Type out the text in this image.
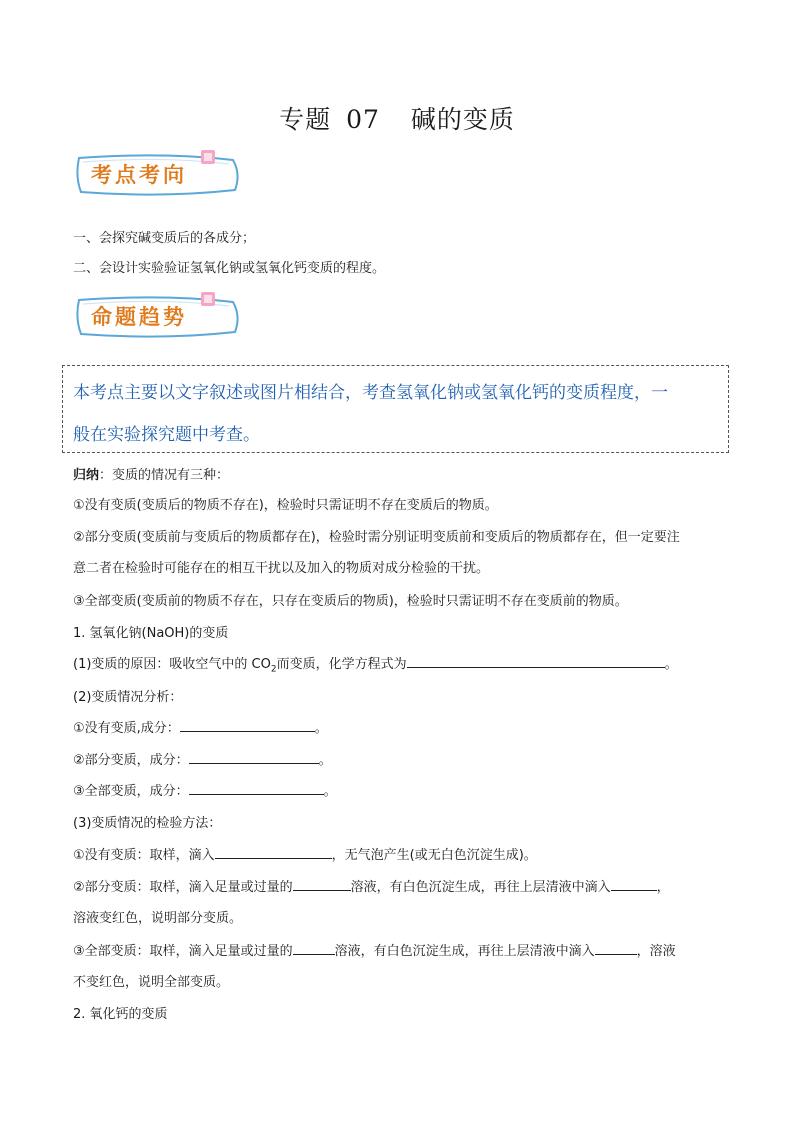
专题 07 碱的变质
考点考向
一、会探究碱变质后的各成分；
二、会设计实验验证氢氧化钠或氢氧化钙变质的程度。
命题趋势

本考点主要以文字叙述或图片相结合，考查氢氧化钠或氢氧化钙的变质程度，一

般在实验探究题中考查。

归纳：变质的情况有三种：
①没有变质(变质后的物质不存在)，检验时只需证明不存在变质后的物质。
②部分变质(变质前与变质后的物质都存在)，检验时需分别证明变质前和变质后的物质都存在，但一定要注
意二者在检验时可能存在的相互干扰以及加入的物质对成分检验的干扰。
③全部变质(变质前的物质不存在，只存在变质后的物质)，检验时只需证明不存在变质前的物质。
1. 氢氧化钠(NaOH)的变质
(1)变质的原因：吸收空气中的 $CO_2$而变质，化学方程式为	。
(2)变质情况分析：
①没有变质,成分：	。
②部分变质，成分：	。
③全部变质，成分：	。
(3)变质情况的检验方法：
①没有变质：取样，滴入	，无气泡产生(或无白色沉淀生成)。
②部分变质：取样，滴入足量或过量的	溶液，有白色沉淀生成，再往上层清液中滴入	，
溶液变红色，说明部分变质。
③全部变质：取样，滴入足量或过量的	溶液，有白色沉淀生成，再往上层清液中滴入	，溶液
不变红色，说明全部变质。
2. 氧化钙的变质
